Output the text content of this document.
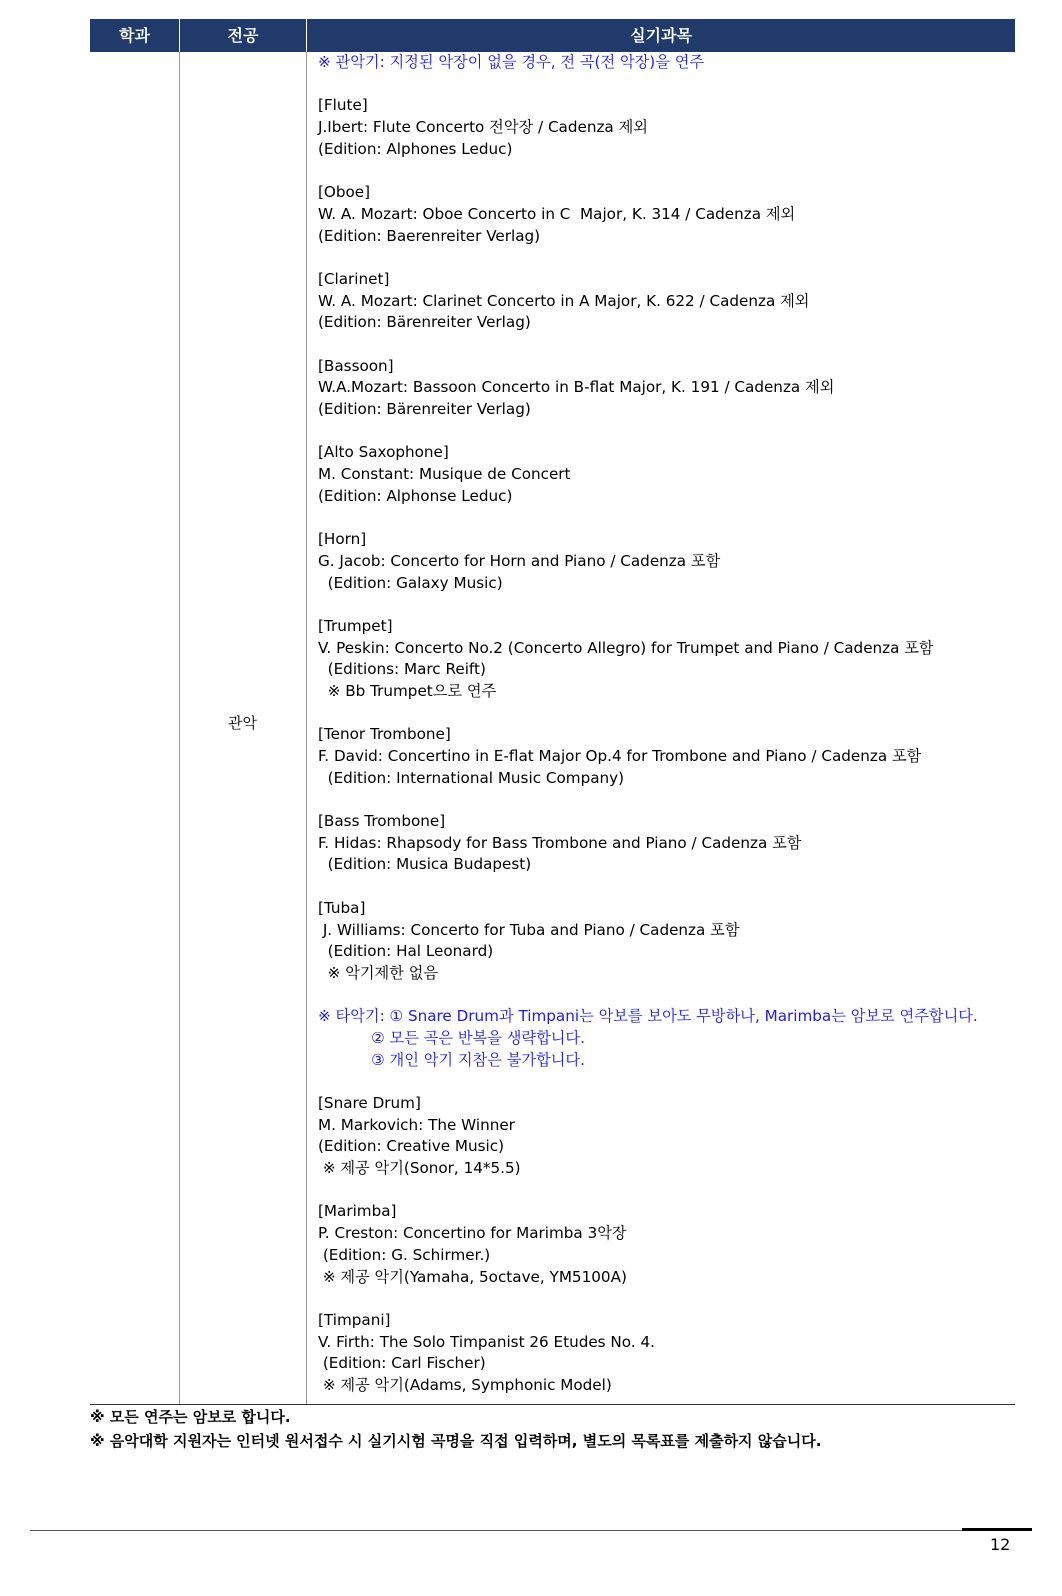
학과	전공	실기과목
관악
※ 관악기: 지정된 악장이 없을 경우, 전 곡(전 악장)을 연주
[Flute]
J.Ibert: Flute Concerto 전악장 / Cadenza 제외
(Edition: Alphones Leduc)
[Oboe]
W. A. Mozart: Oboe Concerto in C  Major, K. 314 / Cadenza 제외
(Edition: Baerenreiter Verlag)
[Clarinet]
W. A. Mozart: Clarinet Concerto in A Major, K. 622 / Cadenza 제외
(Edition: Bärenreiter Verlag)
[Bassoon]
W.A.Mozart: Bassoon Concerto in B-flat Major, K. 191 / Cadenza 제외
(Edition: Bärenreiter Verlag)
[Alto Saxophone]
M. Constant: Musique de Concert
(Edition: Alphonse Leduc)
[Horn]
G. Jacob: Concerto for Horn and Piano / Cadenza 포함
(Edition: Galaxy Music)
[Trumpet]
V. Peskin: Concerto No.2 (Concerto Allegro) for Trumpet and Piano / Cadenza 포함
(Editions: Marc Reift)
※ Bb Trumpet으로 연주
[Tenor Trombone]
F. David: Concertino in E-flat Major Op.4 for Trombone and Piano / Cadenza 포함
(Edition: International Music Company)
[Bass Trombone]
F. Hidas: Rhapsody for Bass Trombone and Piano / Cadenza 포함
(Edition: Musica Budapest)
[Tuba]
J. Williams: Concerto for Tuba and Piano / Cadenza 포함
(Edition: Hal Leonard)
※ 악기제한 없음
※ 타악기: ① Snare Drum과 Timpani는 악보를 보아도 무방하나, Marimba는 암보로 연주합니다.
② 모든 곡은 반복을 생략합니다.
③ 개인 악기 지참은 불가합니다.
[Snare Drum]
M. Markovich: The Winner
(Edition: Creative Music)
※ 제공 악기(Sonor, 14*5.5)
[Marimba]
P. Creston: Concertino for Marimba 3악장
(Edition: G. Schirmer.)
※ 제공 악기(Yamaha, 5octave, YM5100A)
[Timpani]
V. Firth: The Solo Timpanist 26 Etudes No. 4.
(Edition: Carl Fischer)
※ 제공 악기(Adams, Symphonic Model)
※ 모든 연주는 암보로 합니다.
※ 음악대학 지원자는 인터넷 원서접수 시 실기시험 곡명을 직접 입력하며, 별도의 목록표를 제출하지 않습니다.
12
